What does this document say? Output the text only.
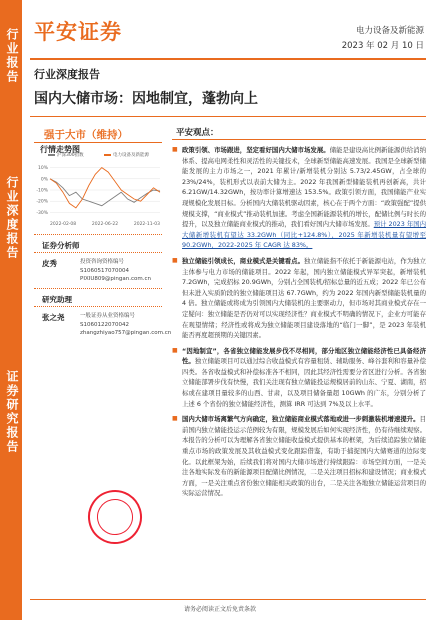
行业报告
行业深度报告
证券研究报告
平安证券	电力设备及新能源
2023 年 02 月 10 日
行业深度报告
国内大储市场：因地制宜，蓬勃向上
强于大市（维持）
行情走势图
沪深300指数	电力设备及新能源
10%
0%
-10%
-20%
-30%
2022-02-08	2022-06-22	2022-11-03
证券分析师
皮秀	投资咨询资格编号
S1060517070004
PIXIU809@pingan.com.cn
研究助理
张之尧	一般证券从业资格编号
S1060122070042
zhangzhiyao757@pingan.com.cn
平安观点：

■ 政策引领、市场跟进，坚定看好国内大储市场发展。储能是建设高比例新能源供给消纳体系、提高电网柔性和灵活性的关键技术，全球新型储能高速发展。我国是全球新型储能发展的主力市场之一，2021 年累计/新增装机分别达 5.73/2.45GW，占全球的 23%/24%，装机形式以表前大储为主。2022 年我国新型储能装机再创新高，共计 6.21GW/14.32GWh，按功率计算增速达 153.5%。政策引领方面，我国储能产业实现规模化发展目标。分析国内大储装机驱动因素，核心在于两个方面：“政策强配”提供规模支撑，“商业模式”推动装机加速。考虑全国新能源装机的增长，配储比例与时长的提升，以及独立储能商业模式的推动，我们看好国内大储市场发展。预计 2023 年国内大储新增装机有望达 33.2GWh（同比+124.8%），2025 年新增装机量有望增至 90.2GWh，2022-2025 年 CAGR 达 83%。

■ 独立储能引领成长，商业模式是关键看点。独立储能指不依托于新能源电站，作为独立主体参与电力市场的储能项目。2022 年起，国内独立储能模式异军突起，新增装机 7.2GWh，完成招标 20.9GWh，分别占全国装机/招标总量的近五成；2022 年已公布但未进入实质阶段的独立储能项目达 67.7GWh，约为 2022 年国内新型储能装机量的 4 倍。独立储能或将成为引领国内大储装机的主要驱动力，但市场对其商业模式存在一定疑问：独立储能是否仍对可以实现经济性？商业模式不明确的情况下，企业方可能存在观望情绪；经济性或将成为独立储能项目建设落地的“临门一脚”，是 2023 年装机能否再度超预期的关键因素。

■ “因地制宜”，各省独立储能发展步伐不尽相同，部分地区独立储能经济性已具备经济性。独立储能项目可以通过综合收益模式有容量租赁、辅助服务、峰谷套利和容量补偿四类。各省收益模式和补偿标准各不相同，因此其经济性需要分省区进行分析。各省独立储能部署步伐有快慢，我们关注现有独立储能投运规模居前的山东、宁夏、湖南，招标或在建项目量较多的山西、甘肃，以及项目储备量超 10GWh 的广东，分别分析了上述 6 个省份的独立储能经济性，测算 IRR 可达到 7%及以上水平。

■ 国内大储市场离繁气方向确定，独立储能商业模式落地或进一步刺激装机增速提升。目前国内独立储能投运示范例较为有限，规模发展后如何实现经济性，仍有待继续观察。本报告的分析可以为理解各省独立储能收益模式提供基本的框架，为后续追踪独立储能重点市场的政策发展及其收益模式变化跟踪借鉴，有助于捕捉国内大储赛道的边际变化。以此框架为始，后续我们将对国内大储市场进行持续跟踪：市场空间方面，一是关注各地实际发布的新能源项目配储比例情况，二是关注项目招标和建设情况；商业模式方面，一是关注重点省份独立储能相关政策的出台，二是关注各地独立储能运营项目的实际运营情况。

请务必阅读正文后免责条款
